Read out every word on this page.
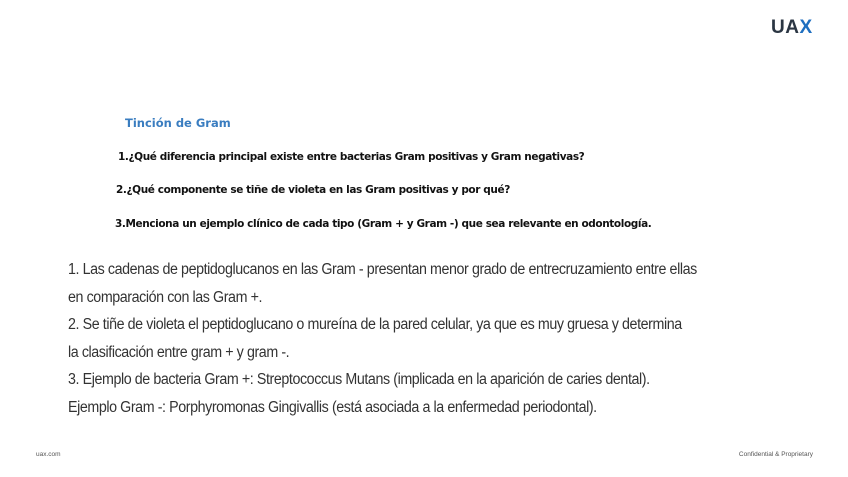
UAX
Tinción de Gram
1.¿Qué diferencia principal existe entre bacterias Gram positivas y Gram negativas?
2.¿Qué componente se tiñe de violeta en las Gram positivas y por qué?
3.Menciona un ejemplo clínico de cada tipo (Gram + y Gram -) que sea relevante en odontología.
1. Las cadenas de peptidoglucanos en las Gram - presentan menor grado de entrecruzamiento entre ellas
en comparación con las Gram +.
2. Se tiñe de violeta el peptidoglucano o mureína de la pared celular, ya que es muy gruesa y determina
la clasificación entre gram + y gram -.
3. Ejemplo de bacteria Gram +: Streptococcus Mutans (implicada en la aparición de caries dental).
Ejemplo Gram -: Porphyromonas Gingivallis (está asociada a la enfermedad periodontal).
uax.com	Confidential & Proprietary
